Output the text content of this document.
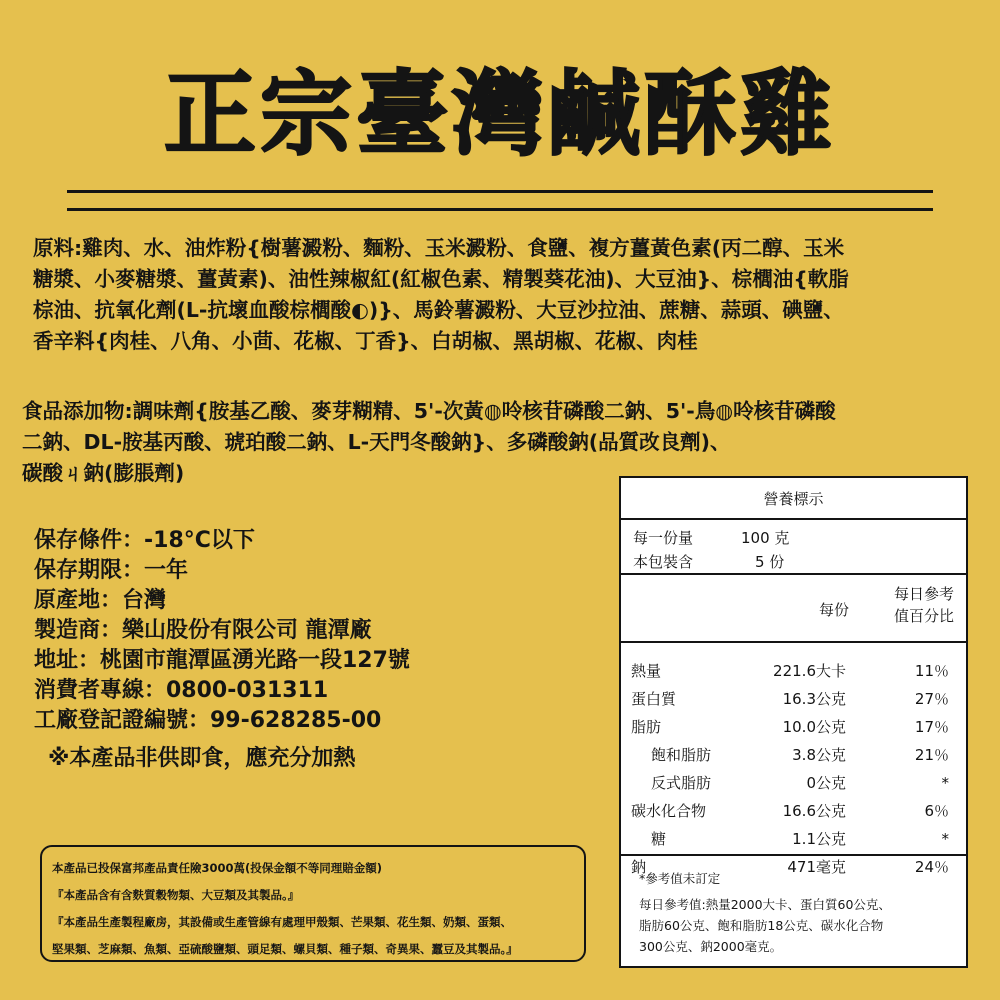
正宗臺灣鹹酥雞
原料:雞肉、水、油炸粉{樹薯澱粉、麵粉、玉米澱粉、食鹽、複方薑黃色素(丙二醇、玉米
糖漿、小麥糖漿、薑黃素)、油性辣椒紅(紅椒色素、精製葵花油)、大豆油}、棕櫚油{軟脂
棕油、抗氧化劑(L-抗壞血酸棕櫚酸◐)}、馬鈴薯澱粉、大豆沙拉油、蔗糖、蒜頭、碘鹽、
香辛料{肉桂、八角、小茴、花椒、丁香}、白胡椒、黑胡椒、花椒、肉桂
食品添加物:調味劑{胺基乙酸、麥芽糊精、5'-次黃◍呤核苷磷酸二鈉、5'-鳥◍呤核苷磷酸
二鈉、DL-胺基丙酸、琥珀酸二鈉、L-天門冬酸鈉}、多磷酸鈉(品質改良劑)、
碳酸ㄐ鈉(膨脹劑)
保存條件：-18°C以下
保存期限：一年
原產地：台灣
製造商：樂山股份有限公司 龍潭廠
地址：桃園市龍潭區湧光路一段127號
消費者專線：0800-031311
工廠登記證編號：99-628285-00
※本產品非供即食，應充分加熱
本產品已投保富邦產品責任險3000萬(投保金額不等同理賠金額)
『本產品含有含麩質穀物類、大豆類及其製品。』
『本產品生產製程廠房，其設備或生產管線有處理甲殼類、芒果類、花生類、奶類、蛋類、
堅果類、芝麻類、魚類、亞硫酸鹽類、頭足類、螺貝類、種子類、奇異果、蠶豆及其製品。』
營養標示
每一份量	100 克
本包裝含	5 份
每份
每日參考
值百分比
熱量	221.6大卡	11％
蛋白質	16.3公克	27％
脂肪	10.0公克	17％
飽和脂肪	3.8公克	21％
反式脂肪	0公克	*
碳水化合物	16.6公克	6％
糖	1.1公克	*
鈉	471毫克	24％
*參考值未訂定
每日參考值:熱量2000大卡、蛋白質60公克、
脂肪60公克、飽和脂肪18公克、碳水化合物
300公克、鈉2000毫克。
